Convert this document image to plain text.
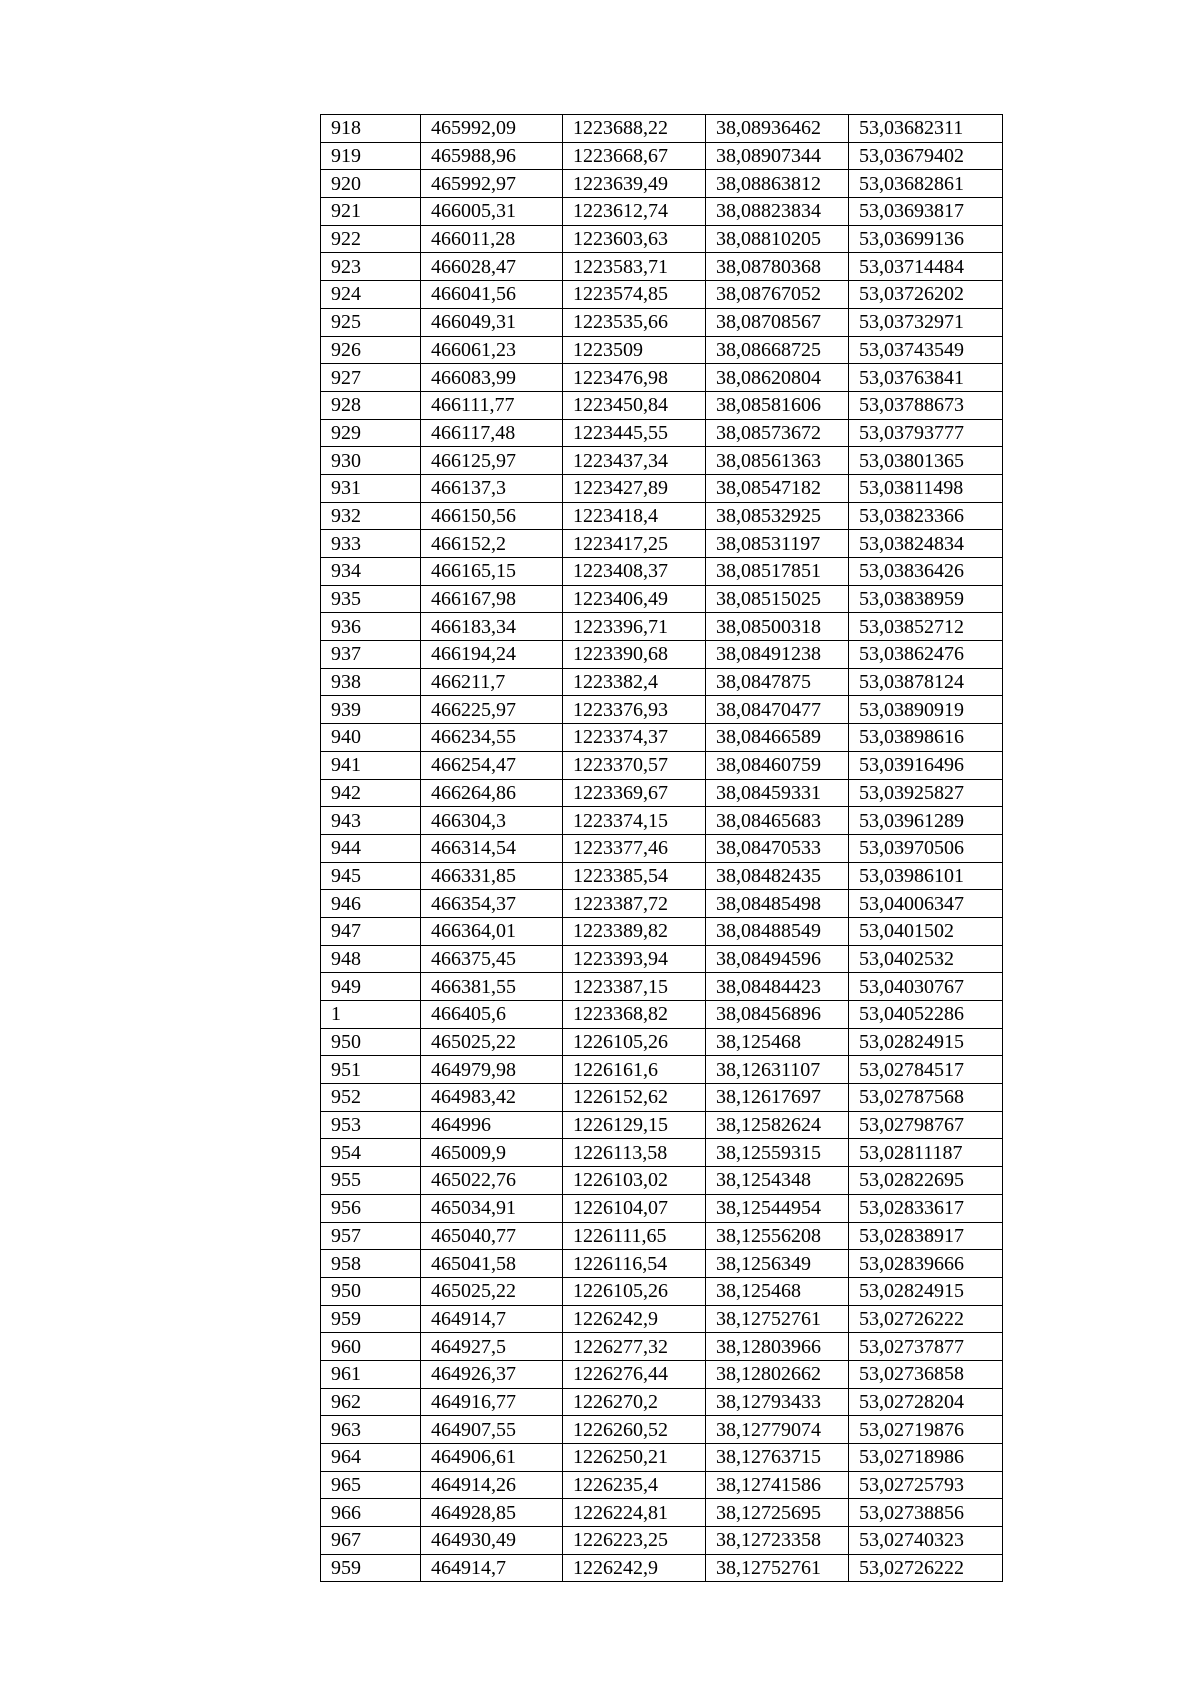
918	465992,09	1223688,22	38,08936462	53,03682311
919	465988,96	1223668,67	38,08907344	53,03679402
920	465992,97	1223639,49	38,08863812	53,03682861
921	466005,31	1223612,74	38,08823834	53,03693817
922	466011,28	1223603,63	38,08810205	53,03699136
923	466028,47	1223583,71	38,08780368	53,03714484
924	466041,56	1223574,85	38,08767052	53,03726202
925	466049,31	1223535,66	38,08708567	53,03732971
926	466061,23	1223509	38,08668725	53,03743549
927	466083,99	1223476,98	38,08620804	53,03763841
928	466111,77	1223450,84	38,08581606	53,03788673
929	466117,48	1223445,55	38,08573672	53,03793777
930	466125,97	1223437,34	38,08561363	53,03801365
931	466137,3	1223427,89	38,08547182	53,03811498
932	466150,56	1223418,4	38,08532925	53,03823366
933	466152,2	1223417,25	38,08531197	53,03824834
934	466165,15	1223408,37	38,08517851	53,03836426
935	466167,98	1223406,49	38,08515025	53,03838959
936	466183,34	1223396,71	38,08500318	53,03852712
937	466194,24	1223390,68	38,08491238	53,03862476
938	466211,7	1223382,4	38,0847875	53,03878124
939	466225,97	1223376,93	38,08470477	53,03890919
940	466234,55	1223374,37	38,08466589	53,03898616
941	466254,47	1223370,57	38,08460759	53,03916496
942	466264,86	1223369,67	38,08459331	53,03925827
943	466304,3	1223374,15	38,08465683	53,03961289
944	466314,54	1223377,46	38,08470533	53,03970506
945	466331,85	1223385,54	38,08482435	53,03986101
946	466354,37	1223387,72	38,08485498	53,04006347
947	466364,01	1223389,82	38,08488549	53,0401502
948	466375,45	1223393,94	38,08494596	53,0402532
949	466381,55	1223387,15	38,08484423	53,04030767
1	466405,6	1223368,82	38,08456896	53,04052286
950	465025,22	1226105,26	38,125468	53,02824915
951	464979,98	1226161,6	38,12631107	53,02784517
952	464983,42	1226152,62	38,12617697	53,02787568
953	464996	1226129,15	38,12582624	53,02798767
954	465009,9	1226113,58	38,12559315	53,02811187
955	465022,76	1226103,02	38,1254348	53,02822695
956	465034,91	1226104,07	38,12544954	53,02833617
957	465040,77	1226111,65	38,12556208	53,02838917
958	465041,58	1226116,54	38,1256349	53,02839666
950	465025,22	1226105,26	38,125468	53,02824915
959	464914,7	1226242,9	38,12752761	53,02726222
960	464927,5	1226277,32	38,12803966	53,02737877
961	464926,37	1226276,44	38,12802662	53,02736858
962	464916,77	1226270,2	38,12793433	53,02728204
963	464907,55	1226260,52	38,12779074	53,02719876
964	464906,61	1226250,21	38,12763715	53,02718986
965	464914,26	1226235,4	38,12741586	53,02725793
966	464928,85	1226224,81	38,12725695	53,02738856
967	464930,49	1226223,25	38,12723358	53,02740323
959	464914,7	1226242,9	38,12752761	53,02726222
